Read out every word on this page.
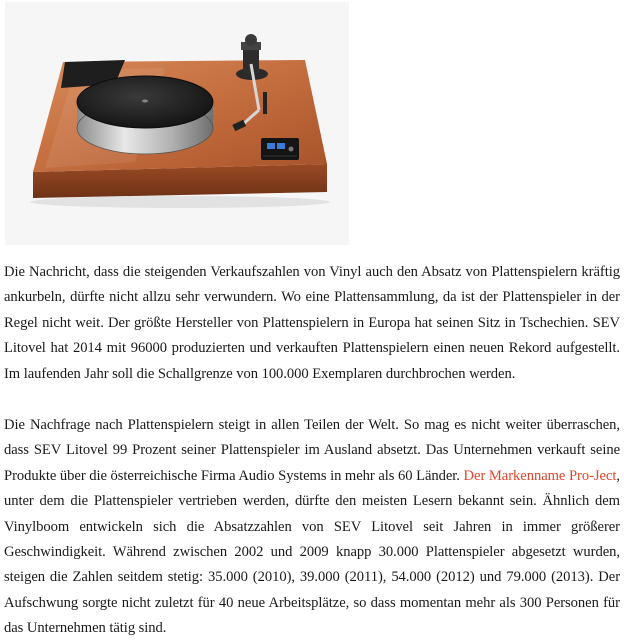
Die Nachricht, dass die steigenden Verkaufszahlen von Vinyl auch den Absatz von Plattenspielern kräftig ankurbeln, dürfte nicht allzu sehr verwundern. Wo eine Plattensammlung, da ist der Plattenspieler in der Regel nicht weit. Der größte Hersteller von Plattenspielern in Europa hat seinen Sitz in Tschechien. SEV Litovel hat 2014 mit 96000 produzierten und verkauften Plattenspielern einen neuen Rekord aufgestellt. Im laufenden Jahr soll die Schallgrenze von 100.000 Exemplaren durchbrochen werden.

Die Nachfrage nach Plattenspielern steigt in allen Teilen der Welt. So mag es nicht weiter überraschen, dass SEV Litovel 99 Prozent seiner Plattenspieler im Ausland absetzt. Das Unternehmen verkauft seine Produkte über die österreichische Firma Audio Systems in mehr als 60 Länder. Der Markenname Pro-Ject, unter dem die Plattenspieler vertrieben werden, dürfte den meisten Lesern bekannt sein. Ähnlich dem Vinylboom entwickeln sich die Absatzzahlen von SEV Litovel seit Jahren in immer größerer Geschwindigkeit. Während zwischen 2002 und 2009 knapp 30.000 Plattenspieler abgesetzt wurden, steigen die Zahlen seitdem stetig: 35.000 (2010), 39.000 (2011), 54.000 (2012) und 79.000 (2013). Der Aufschwung sorgte nicht zuletzt für 40 neue Arbeitsplätze, so dass momentan mehr als 300 Personen für das Unternehmen tätig sind.
